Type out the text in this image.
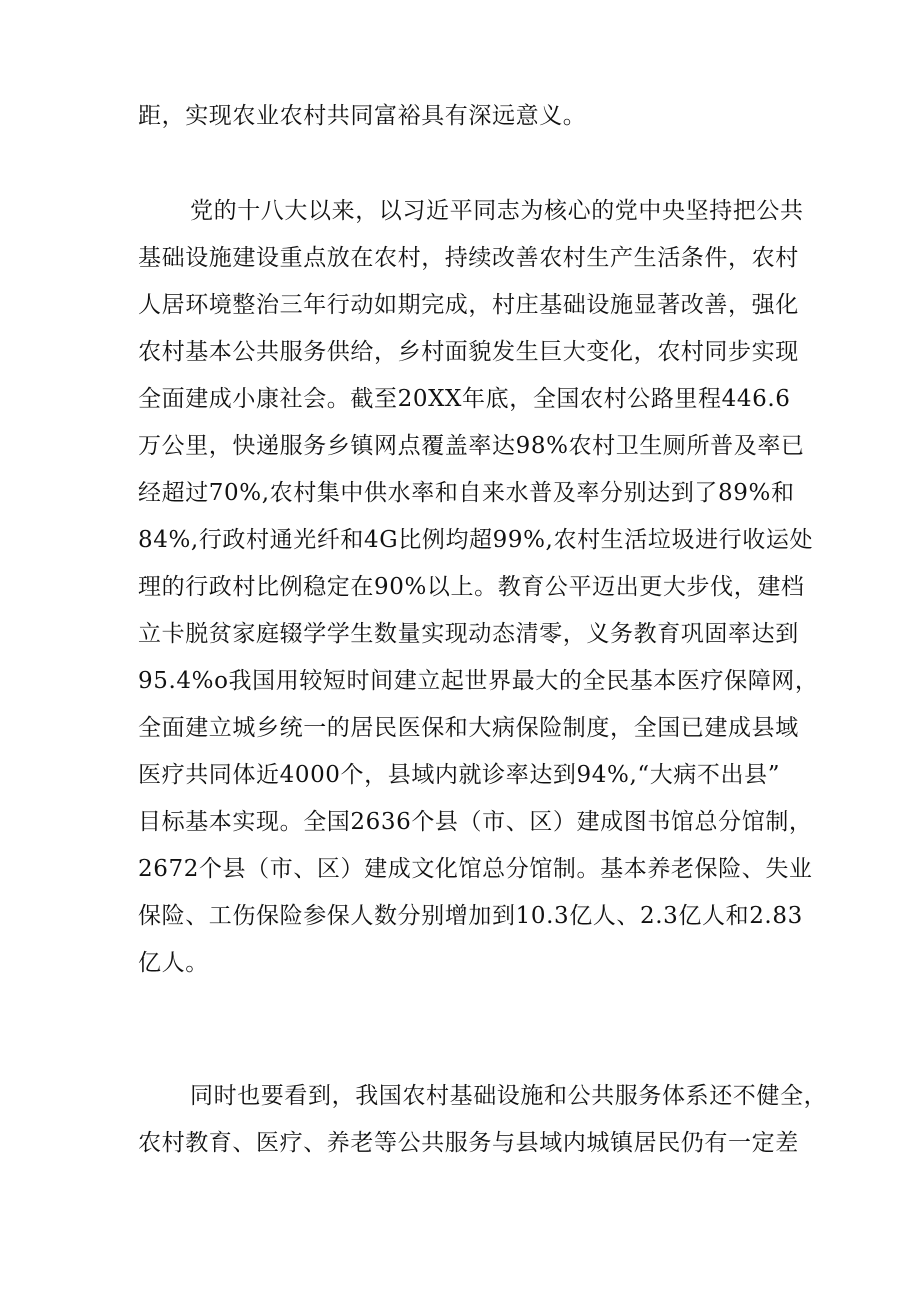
距，实现农业农村共同富裕具有深远意义。

党的十八大以来，以习近平同志为核心的党中央坚持把公共

基础设施建设重点放在农村，持续改善农村生产生活条件，农村

人居环境整治三年行动如期完成，村庄基础设施显著改善，强化

农村基本公共服务供给，乡村面貌发生巨大变化，农村同步实现

全面建成小康社会。截至20XX年底，全国农村公路里程446.6

万公里，快递服务乡镇网点覆盖率达98%农村卫生厕所普及率已

经超过70%,农村集中供水率和自来水普及率分别达到了89%和

84%,行政村通光纤和4G比例均超99%,农村生活垃圾进行收运处

理的行政村比例稳定在90%以上。教育公平迈出更大步伐，建档

立卡脱贫家庭辍学学生数量实现动态清零，义务教育巩固率达到

95.4%o我国用较短时间建立起世界最大的全民基本医疗保障网，

全面建立城乡统一的居民医保和大病保险制度，全国已建成县域

医疗共同体近4000个，县域内就诊率达到94%,“大病不出县”

目标基本实现。全国2636个县（市、区）建成图书馆总分馆制，

2672个县（市、区）建成文化馆总分馆制。基本养老保险、失业

保险、工伤保险参保人数分别增加到10.3亿人、2.3亿人和2.83

亿人。

同时也要看到，我国农村基础设施和公共服务体系还不健全，

农村教育、医疗、养老等公共服务与县域内城镇居民仍有一定差
